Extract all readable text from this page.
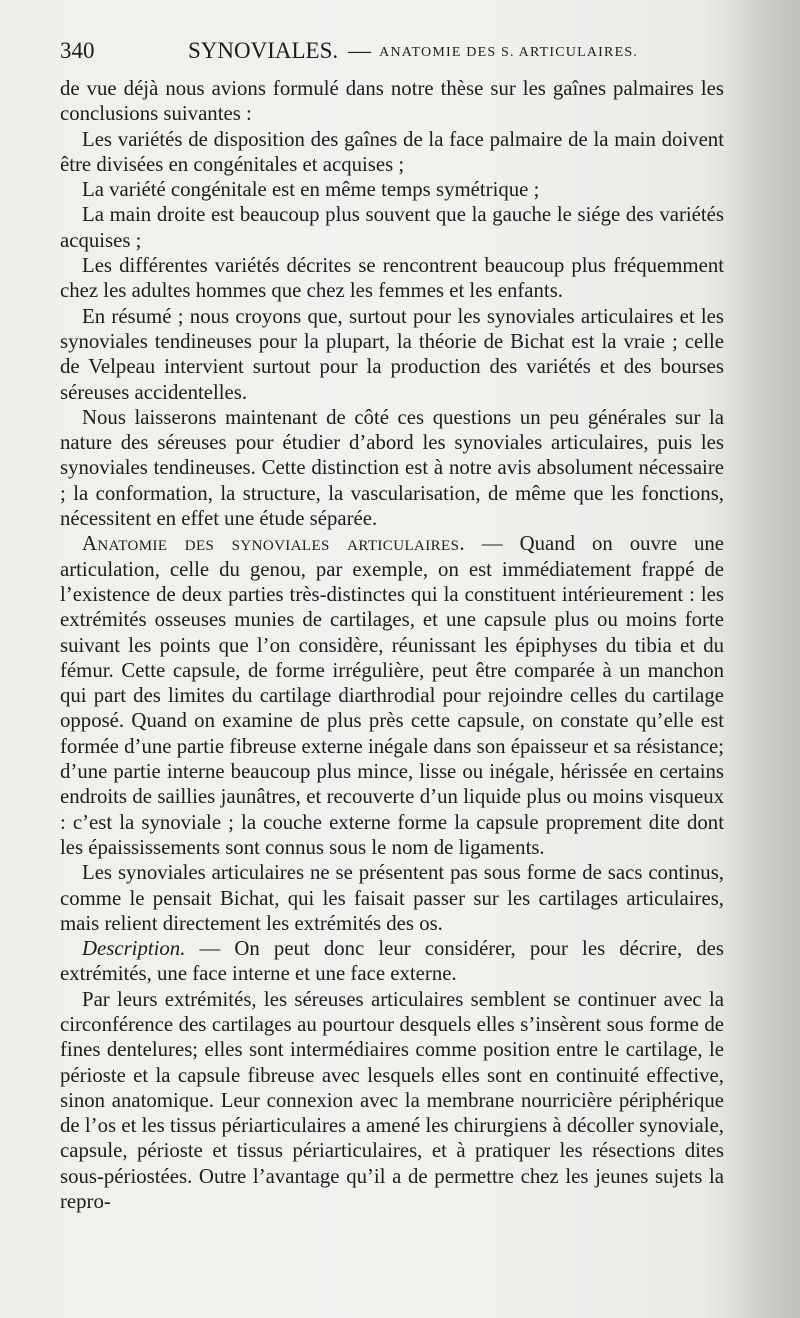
340	SYNOVIALES. — ANATOMIE DES S. ARTICULAIRES.

de vue déjà nous avions formulé dans notre thèse sur les gaînes palmaires les conclusions suivantes :

Les variétés de disposition des gaînes de la face palmaire de la main doivent être divisées en congénitales et acquises ;

La variété congénitale est en même temps symétrique ;

La main droite est beaucoup plus souvent que la gauche le siége des variétés acquises ;

Les différentes variétés décrites se rencontrent beaucoup plus fréquemment chez les adultes hommes que chez les femmes et les enfants.

En résumé ; nous croyons que, surtout pour les synoviales articulaires et les synoviales tendineuses pour la plupart, la théorie de Bichat est la vraie ; celle de Velpeau intervient surtout pour la production des variétés et des bourses séreuses accidentelles.

Nous laisserons maintenant de côté ces questions un peu générales sur la nature des séreuses pour étudier d’abord les synoviales articulaires, puis les synoviales tendineuses. Cette distinction est à notre avis absolument nécessaire ; la conformation, la structure, la vascularisation, de même que les fonctions, nécessitent en effet une étude séparée.

Anatomie des synoviales articulaires. — Quand on ouvre une articulation, celle du genou, par exemple, on est immédiatement frappé de l’existence de deux parties très-distinctes qui la constituent intérieurement : les extrémités osseuses munies de cartilages, et une capsule plus ou moins forte suivant les points que l’on considère, réunissant les épiphyses du tibia et du fémur. Cette capsule, de forme irrégulière, peut être comparée à un manchon qui part des limites du cartilage diarthrodial pour rejoindre celles du cartilage opposé. Quand on examine de plus près cette capsule, on constate qu’elle est formée d’une partie fibreuse externe inégale dans son épaisseur et sa résistance; d’une partie interne beaucoup plus mince, lisse ou inégale, hérissée en certains endroits de saillies jaunâtres, et recouverte d’un liquide plus ou moins visqueux : c’est la synoviale ; la couche externe forme la capsule proprement dite dont les épaississements sont connus sous le nom de ligaments.

Les synoviales articulaires ne se présentent pas sous forme de sacs continus, comme le pensait Bichat, qui les faisait passer sur les cartilages articulaires, mais relient directement les extrémités des os.

Description. — On peut donc leur considérer, pour les décrire, des extrémités, une face interne et une face externe.

Par leurs extrémités, les séreuses articulaires semblent se continuer avec la circonférence des cartilages au pourtour desquels elles s’insèrent sous forme de fines dentelures; elles sont intermédiaires comme position entre le cartilage, le périoste et la capsule fibreuse avec lesquels elles sont en continuité effective, sinon anatomique. Leur connexion avec la membrane nourricière périphérique de l’os et les tissus périarticulaires a amené les chirurgiens à décoller synoviale, capsule, périoste et tissus périarticulaires, et à pratiquer les résections dites sous-périostées. Outre l’avantage qu’il a de permettre chez les jeunes sujets la repro-
